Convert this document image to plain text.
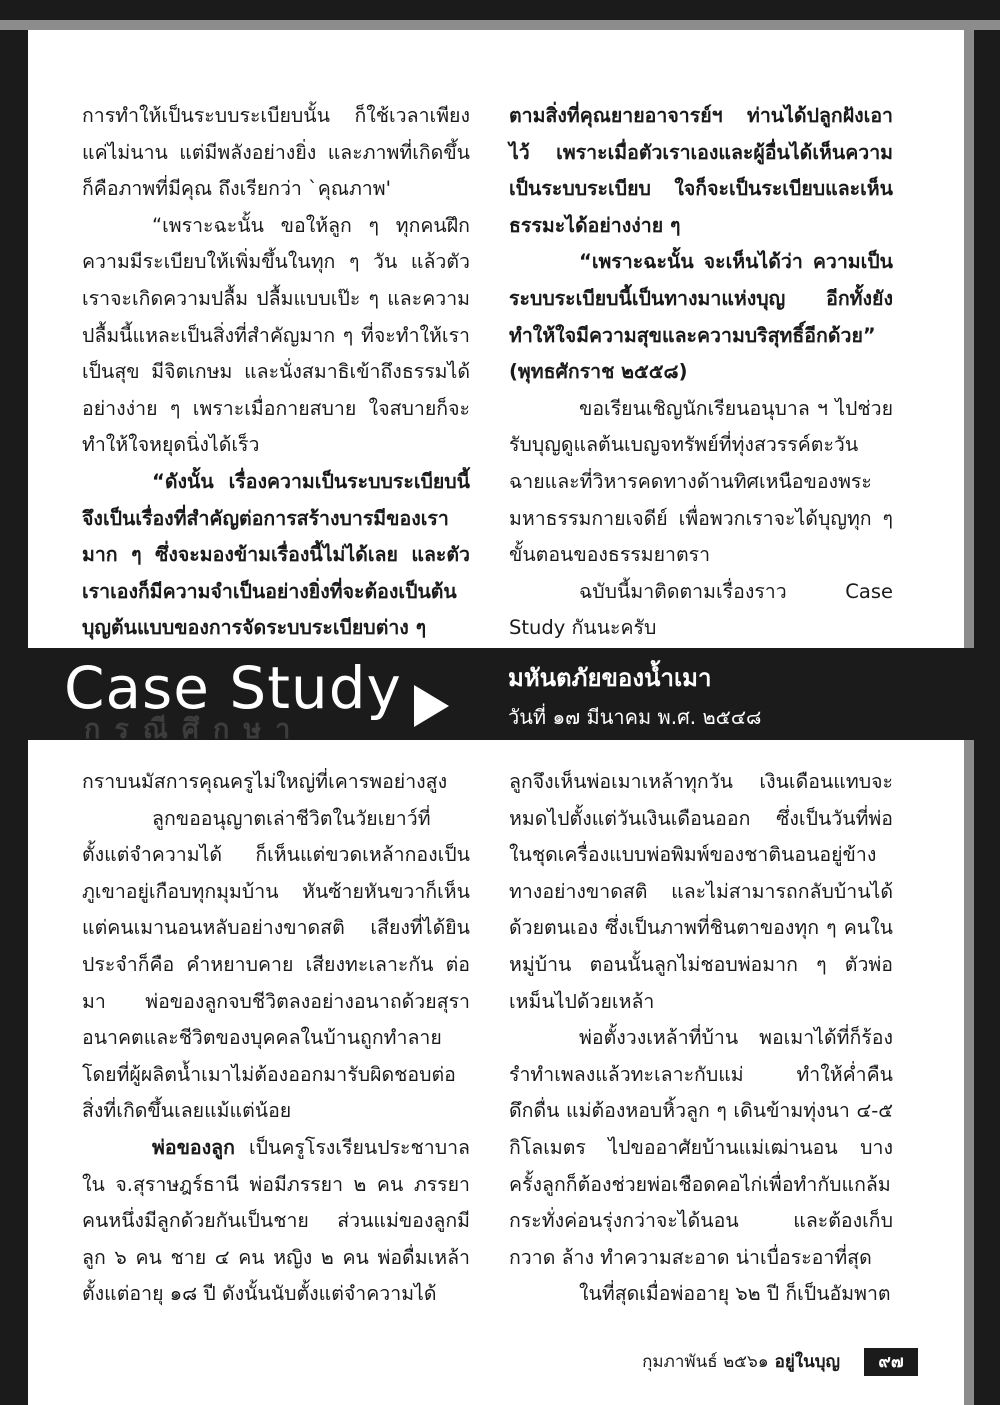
การทำให้เป็นระบบระเบียบนั้น ก็ใช้เวลาเพียงแค่ไม่นาน แต่มีพลังอย่างยิ่ง และภาพที่เกิดขึ้นก็คือภาพที่มีคุณ ถึงเรียกว่า `คุณภาพ'

“เพราะฉะนั้น ขอให้ลูก ๆ ทุกคนฝึกความมีระเบียบให้เพิ่มขึ้นในทุก ๆ วัน แล้วตัวเราจะเกิดความปลื้ม ปลื้มแบบเป๊ะ ๆ และความปลื้มนี้แหละเป็นสิ่งที่สำคัญมาก ๆ ที่จะทำให้เราเป็นสุข มีจิตเกษม และนั่งสมาธิเข้าถึงธรรมได้อย่างง่าย ๆ เพราะเมื่อกายสบาย ใจสบายก็จะทำให้ใจหยุดนิ่งได้เร็ว

“ดังนั้น เรื่องความเป็นระบบระเบียบนี้จึงเป็นเรื่องที่สำคัญต่อการสร้างบารมีของเรามาก ๆ ซึ่งจะมองข้ามเรื่องนี้ไม่ได้เลย และตัวเราเองก็มีความจำเป็นอย่างยิ่งที่จะต้องเป็นต้นบุญต้นแบบของการจัดระบบระเบียบต่าง ๆ

ตามสิ่งที่คุณยายอาจารย์ฯ ท่านได้ปลูกฝังเอาไว้ เพราะเมื่อตัวเราเองและผู้อื่นได้เห็นความเป็นระบบระเบียบ ใจก็จะเป็นระเบียบและเห็นธรรมะได้อย่างง่าย ๆ

“เพราะฉะนั้น จะเห็นได้ว่า ความเป็นระบบระเบียบนี้เป็นทางมาแห่งบุญ อีกทั้งยังทำให้ใจมีความสุขและความบริสุทธิ์อีกด้วย”

(พุทธศักราช ๒๕๕๘)

ขอเรียนเชิญนักเรียนอนุบาล ฯ ไปช่วยรับบุญดูแลต้นเบญจทรัพย์ที่ทุ่งสวรรค์ตะวันฉายและที่วิหารคดทางด้านทิศเหนือของพระมหาธรรมกายเจดีย์ เพื่อพวกเราจะได้บุญทุก ๆ ขั้นตอนของธรรมยาตรา

ฉบับนี้มาติดตามเรื่องราว Case Study กันนะครับ

Case Study
กรณีศึกษา
มหันตภัยของน้ำเมา
วันที่ ๑๗ มีนาคม พ.ศ. ๒๕๔๘

กราบนมัสการคุณครูไม่ใหญ่ที่เคารพอย่างสูง

ลูกขออนุญาตเล่าชีวิตในวัยเยาว์ที่ตั้งแต่จำความได้ ก็เห็นแต่ขวดเหล้ากองเป็นภูเขาอยู่เกือบทุกมุมบ้าน หันซ้ายหันขวาก็เห็นแต่คนเมานอนหลับอย่างขาดสติ เสียงที่ได้ยินประจำก็คือ คำหยาบคาย เสียงทะเลาะกัน ต่อมา พ่อของลูกจบชีวิตลงอย่างอนาถด้วยสุรา อนาคตและชีวิตของบุคคลในบ้านถูกทำลาย โดยที่ผู้ผลิตน้ำเมาไม่ต้องออกมารับผิดชอบต่อสิ่งที่เกิดขึ้นเลยแม้แต่น้อย

พ่อของลูก เป็นครูโรงเรียนประชาบาลใน จ.สุราษฎร์ธานี พ่อมีภรรยา ๒ คน ภรรยาคนหนึ่งมีลูกด้วยกันเป็นชาย ส่วนแม่ของลูกมีลูก ๖ คน ชาย ๔ คน หญิง ๒ คน พ่อดื่มเหล้าตั้งแต่อายุ ๑๘ ปี ดังนั้นนับตั้งแต่จำความได้

ลูกจึงเห็นพ่อเมาเหล้าทุกวัน เงินเดือนแทบจะหมดไปตั้งแต่วันเงินเดือนออก ซึ่งเป็นวันที่พ่อในชุดเครื่องแบบพ่อพิมพ์ของชาตินอนอยู่ข้างทางอย่างขาดสติ และไม่สามารถกลับบ้านได้ด้วยตนเอง ซึ่งเป็นภาพที่ชินตาของทุก ๆ คนในหมู่บ้าน ตอนนั้นลูกไม่ชอบพ่อมาก ๆ ตัวพ่อเหม็นไปด้วยเหล้า

พ่อตั้งวงเหล้าที่บ้าน พอเมาได้ที่ก็ร้องรำทำเพลงแล้วทะเลาะกับแม่ ทำให้ค่ำคืนดึกดื่น แม่ต้องหอบหิ้วลูก ๆ เดินข้ามทุ่งนา ๔-๕ กิโลเมตร ไปขออาศัยบ้านแม่เฒ่านอน บางครั้งลูกก็ต้องช่วยพ่อเชือดคอไก่เพื่อทำกับแกล้มกระทั่งค่อนรุ่งกว่าจะได้นอน และต้องเก็บ กวาด ล้าง ทำความสะอาด น่าเบื่อระอาที่สุด

ในที่สุดเมื่อพ่ออายุ ๖๒ ปี ก็เป็นอัมพาต

กุมภาพันธ์ ๒๕๖๑ อยู่ในบุญ	๙๗
